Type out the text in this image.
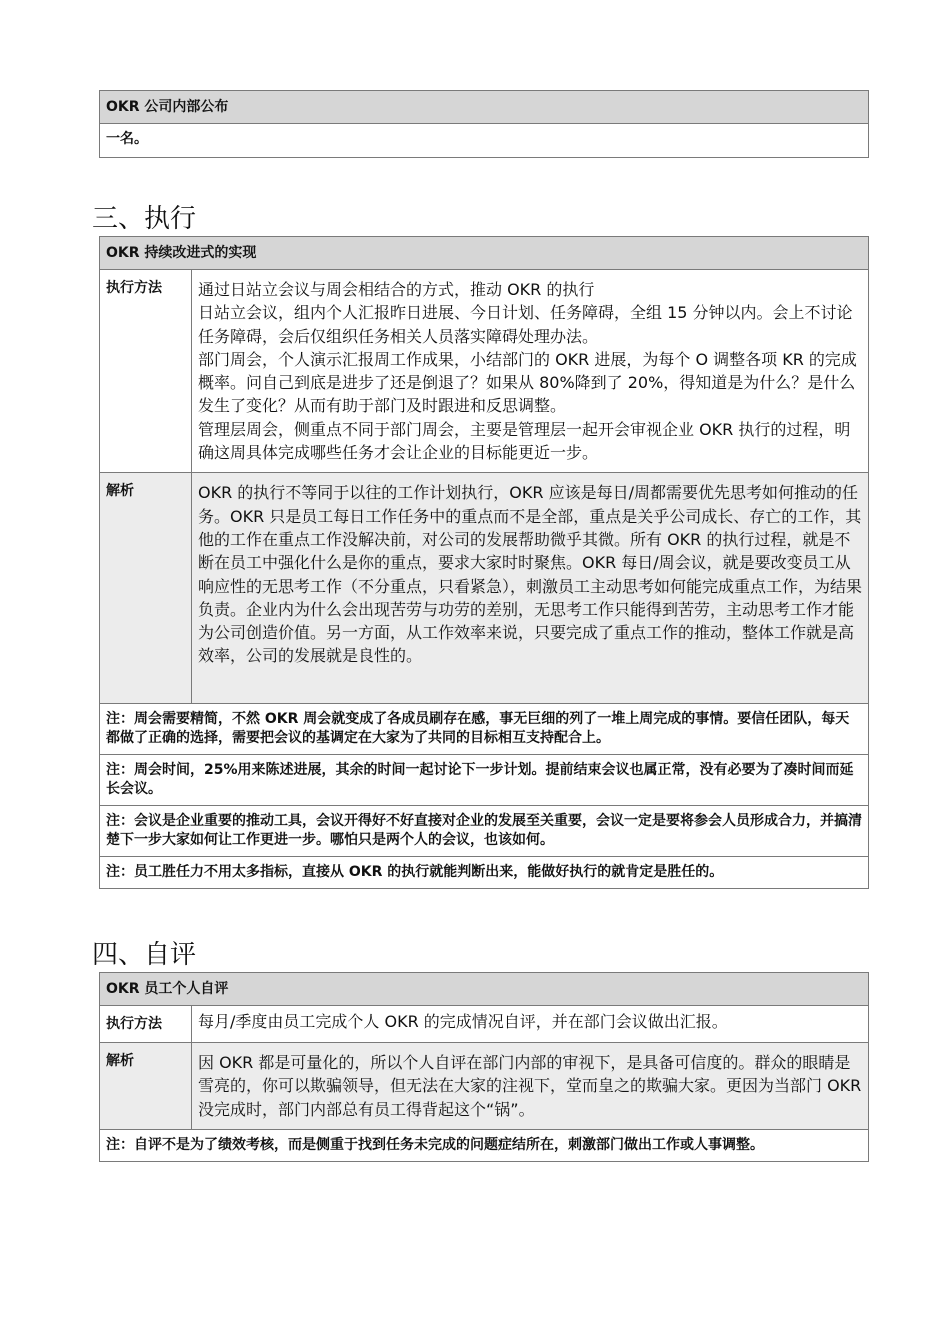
OKR 公司内部公布
一名。
三、执行
OKR 持续改进式的实现	
执行方法	通过日站立会议与周会相结合的方式，推动 OKR 的执行
日站立会议，组内个人汇报昨日进展、今日计划、任务障碍，全组 15 分钟以内。会上不讨论任务障碍，会后仅组织任务相关人员落实障碍处理办法。
部门周会，个人演示汇报周工作成果，小结部门的 OKR 进展，为每个 O 调整各项 KR 的完成概率。问自己到底是进步了还是倒退了？如果从 80%降到了 20%，得知道是为什么？是什么发生了变化？从而有助于部门及时跟进和反思调整。
管理层周会，侧重点不同于部门周会，主要是管理层一起开会审视企业 OKR 执行的过程，明确这周具体完成哪些任务才会让企业的目标能更近一步。

解析	OKR 的执行不等同于以往的工作计划执行，OKR 应该是每日/周都需要优先思考如何推动的任务。OKR 只是员工每日工作任务中的重点而不是全部，重点是关乎公司成长、存亡的工作，其他的工作在重点工作没解决前，对公司的发展帮助微乎其微。所有 OKR 的执行过程，就是不断在员工中强化什么是你的重点，要求大家时时聚焦。OKR 每日/周会议，就是要改变员工从响应性的无思考工作（不分重点，只看紧急），刺激员工主动思考如何能完成重点工作，为结果负责。企业内为什么会出现苦劳与功劳的差别，无思考工作只能得到苦劳，主动思考工作才能为公司创造价值。另一方面，从工作效率来说，只要完成了重点工作的推动，整体工作就是高效率，公司的发展就是良性的。
注：周会需要精简，不然 OKR 周会就变成了各成员刷存在感，事无巨细的列了一堆上周完成的事情。要信任团队，每天都做了正确的选择，需要把会议的基调定在大家为了共同的目标相互支持配合上。	
注：周会时间，25%用来陈述进展，其余的时间一起讨论下一步计划。提前结束会议也属正常，没有必要为了凑时间而延长会议。	
注：会议是企业重要的推动工具，会议开得好不好直接对企业的发展至关重要，会议一定是要将参会人员形成合力，并搞清楚下一步大家如何让工作更进一步。哪怕只是两个人的会议，也该如何。	
注：员工胜任力不用太多指标，直接从 OKR 的执行就能判断出来，能做好执行的就肯定是胜任的。	
四、自评
OKR 员工个人自评	
执行方法	每月/季度由员工完成个人 OKR 的完成情况自评，并在部门会议做出汇报。
解析	因 OKR 都是可量化的，所以个人自评在部门内部的审视下，是具备可信度的。群众的眼睛是雪亮的，你可以欺骗领导，但无法在大家的注视下，堂而皇之的欺骗大家。更因为当部门 OKR 没完成时，部门内部总有员工得背起这个“锅”。
注：自评不是为了绩效考核，而是侧重于找到任务未完成的问题症结所在，刺激部门做出工作或人事调整。	
